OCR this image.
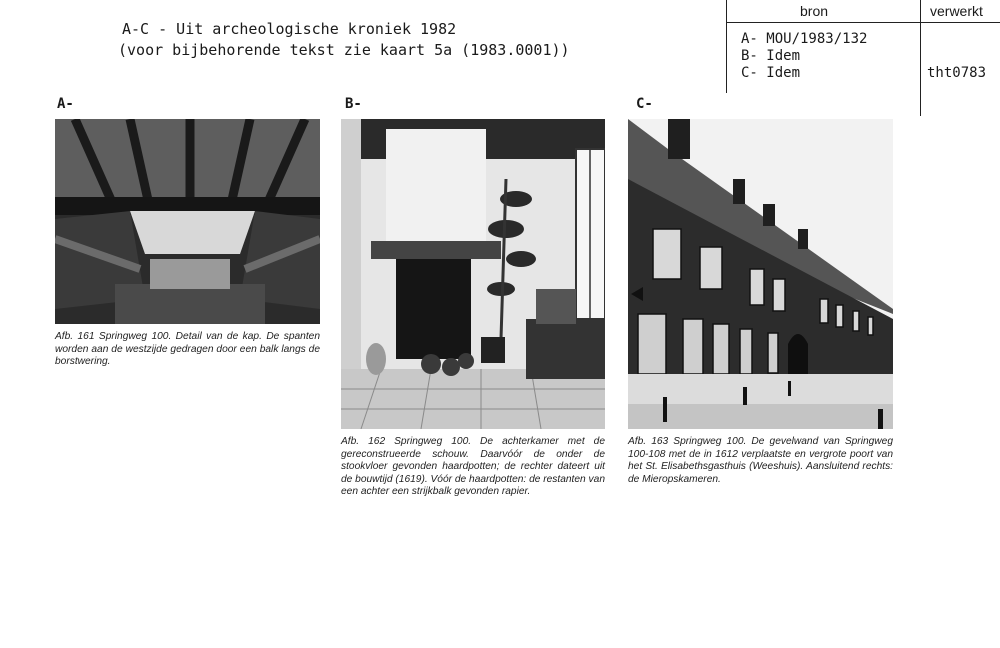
A-C - Uit archeologische kroniek 1982
(voor bijbehorende tekst zie kaart 5a (1983.0001))
bron	verwerkt
A- MOU/1983/132
B- Idem
C- Idem	tht0783
A-	B-	C-
Afb. 161 Springweg 100. Detail van de kap. De spanten worden aan de westzijde gedragen door een balk langs de borstwering.
Afb. 162 Springweg 100. De achterkamer met de gereconstrueerde schouw. Daarvóór de onder de stookvloer gevonden haardpotten; de rechter dateert uit de bouwtijd (1619). Vóór de haardpotten: de restanten van een achter een strijkbalk gevonden rapier.
Afb. 163 Springweg 100. De gevelwand van Springweg 100-108 met de in 1612 verplaatste en vergrote poort van het St. Elisabethsgasthuis (Weeshuis). Aansluitend rechts: de Mieropskameren.
